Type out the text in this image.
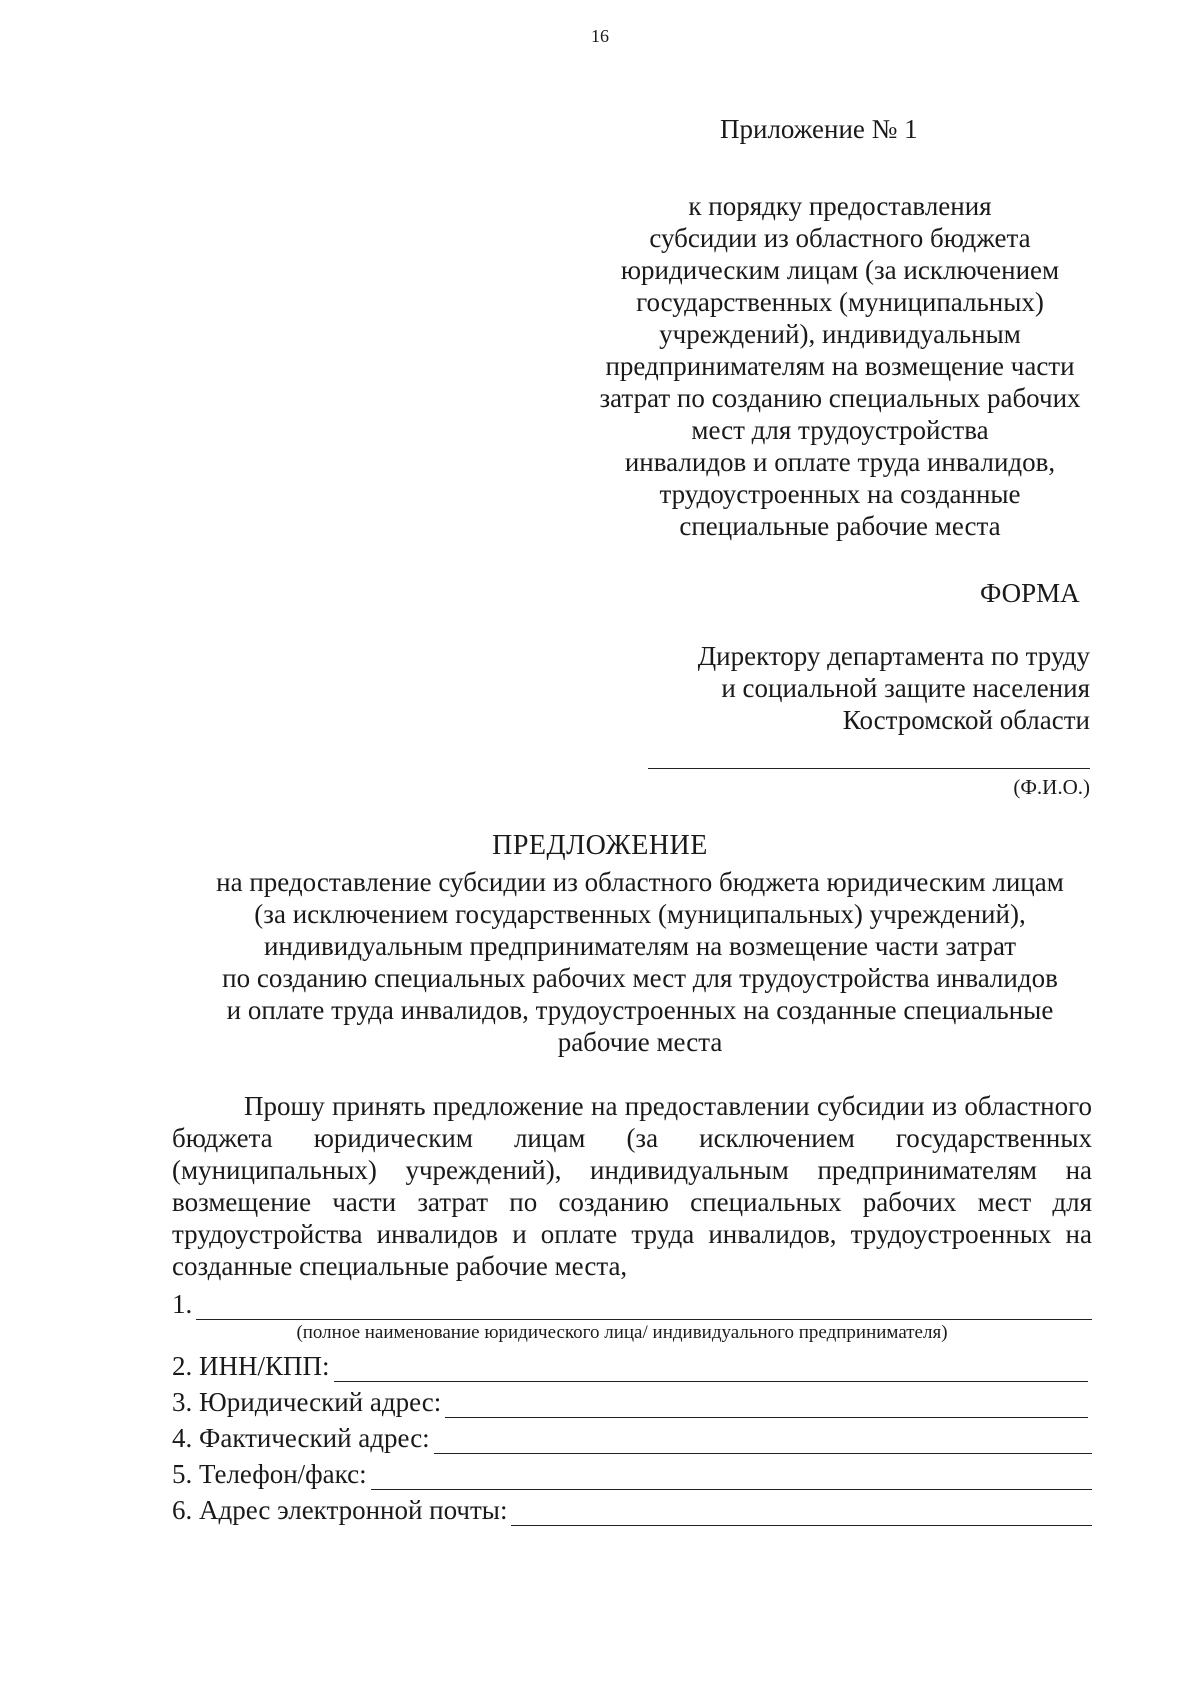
16
Приложение № 1
к порядку предоставления
субсидии из областного бюджета
юридическим лицам (за исключением
государственных (муниципальных)
учреждений), индивидуальным
предпринимателям на возмещение части
затрат по созданию специальных рабочих
мест для трудоустройства
инвалидов и оплате труда инвалидов,
трудоустроенных на созданные
специальные рабочие места
ФОРМА
Директору департамента по труду
и социальной защите населения
Костромской области
(Ф.И.О.)
ПРЕДЛОЖЕНИЕ
на предоставление субсидии из областного бюджета юридическим лицам
(за исключением государственных (муниципальных) учреждений),
индивидуальным предпринимателям на возмещение части затрат
по созданию специальных рабочих мест для трудоустройства инвалидов
и оплате труда инвалидов, трудоустроенных на созданные специальные
рабочие места
Прошу принять предложение на предоставлении субсидии из областного бюджета юридическим лицам (за исключением государственных (муниципальных) учреждений), индивидуальным предпринимателям на возмещение части затрат по созданию специальных рабочих мест для трудоустройства инвалидов и оплате труда инвалидов, трудоустроенных на созданные специальные рабочие места,
1.
(полное наименование юридического лица/ индивидуального предпринимателя)
2. ИНН/КПП:
3. Юридический адрес:
4. Фактический адрес:
5. Телефон/факс:
6. Адрес электронной почты:
